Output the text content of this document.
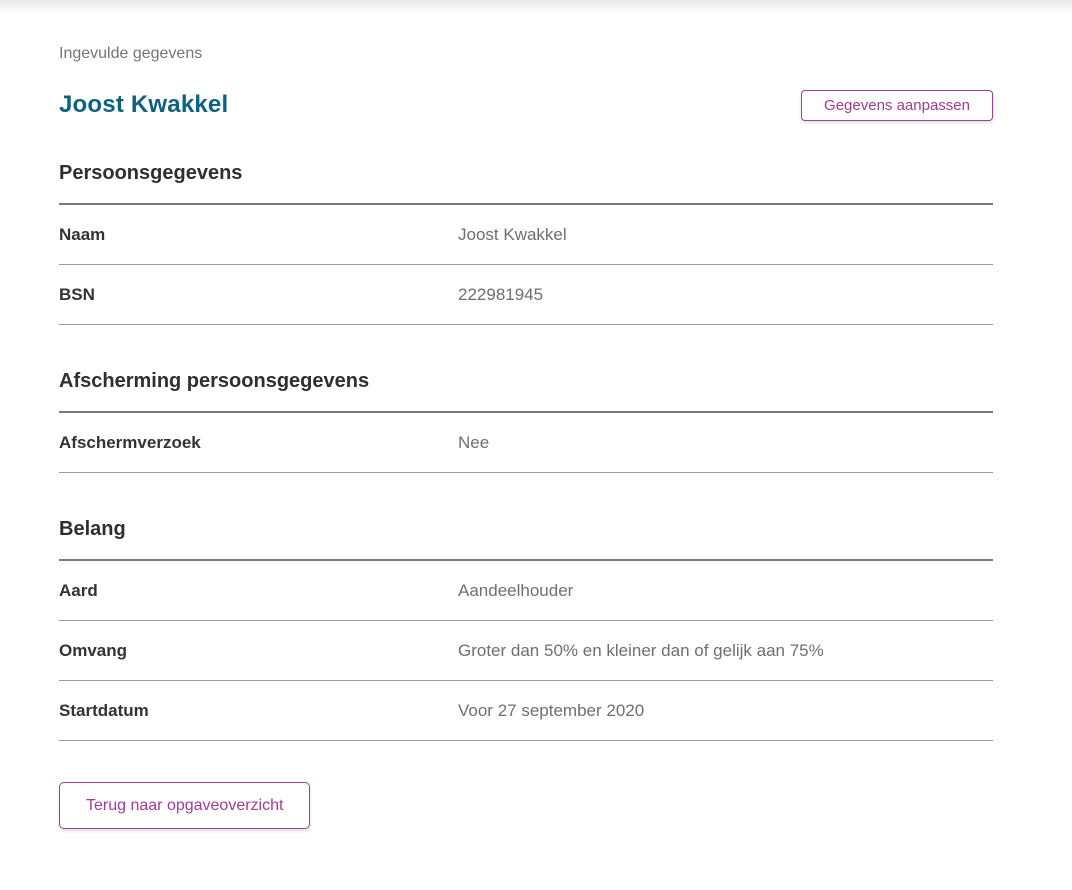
Ingevulde gegevens
Joost Kwakkel	Gegevens aanpassen
Persoonsgegevens
Naam	Joost Kwakkel
BSN	222981945
Afscherming persoonsgegevens
Afschermverzoek	Nee
Belang
Aard	Aandeelhouder
Omvang	Groter dan 50% en kleiner dan of gelijk aan 75%
Startdatum	Voor 27 september 2020
Terug naar opgaveoverzicht
